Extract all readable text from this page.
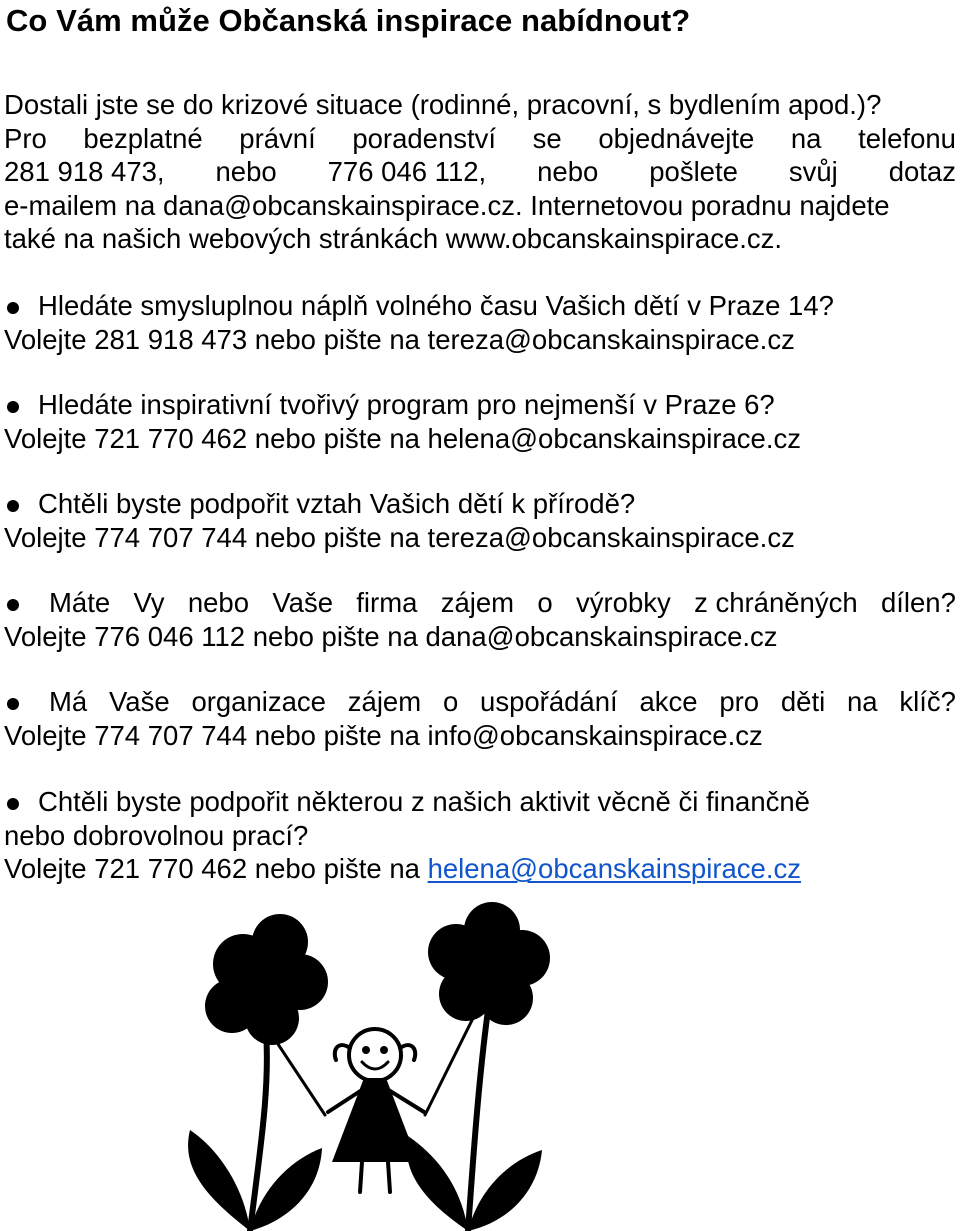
Co Vám může Občanská inspirace nabídnout?
Dostali jste se do krizové situace (rodinné, pracovní, s bydlením apod.)?
Pro bezplatné právní poradenství se objednávejte na telefonu
281 918 473, nebo 776 046 112, nebo pošlete svůj dotaz
e-mailem na dana@obcanskainspirace.cz. Internetovou poradnu najdete
také na našich webových stránkách www.obcanskainspirace.cz.
Hledáte smysluplnou náplň volného času Vašich dětí v Praze 14?
Volejte 281 918 473 nebo pište na tereza@obcanskainspirace.cz
Hledáte inspirativní tvořivý program pro nejmenší v Praze 6?
Volejte 721 770 462 nebo pište na helena@obcanskainspirace.cz
Chtěli byste podpořit vztah Vašich dětí k přírodě?
Volejte 774 707 744 nebo pište na tereza@obcanskainspirace.cz
Máte Vy nebo Vaše firma zájem o výrobky z chráněných dílen?
Volejte 776 046 112 nebo pište na dana@obcanskainspirace.cz
Má Vaše organizace zájem o uspořádání akce pro děti na klíč?
Volejte 774 707 744 nebo pište na info@obcanskainspirace.cz
Chtěli byste podpořit některou z našich aktivit věcně či finančně
nebo dobrovolnou prací?
Volejte 721 770 462 nebo pište na helena@obcanskainspirace.cz
